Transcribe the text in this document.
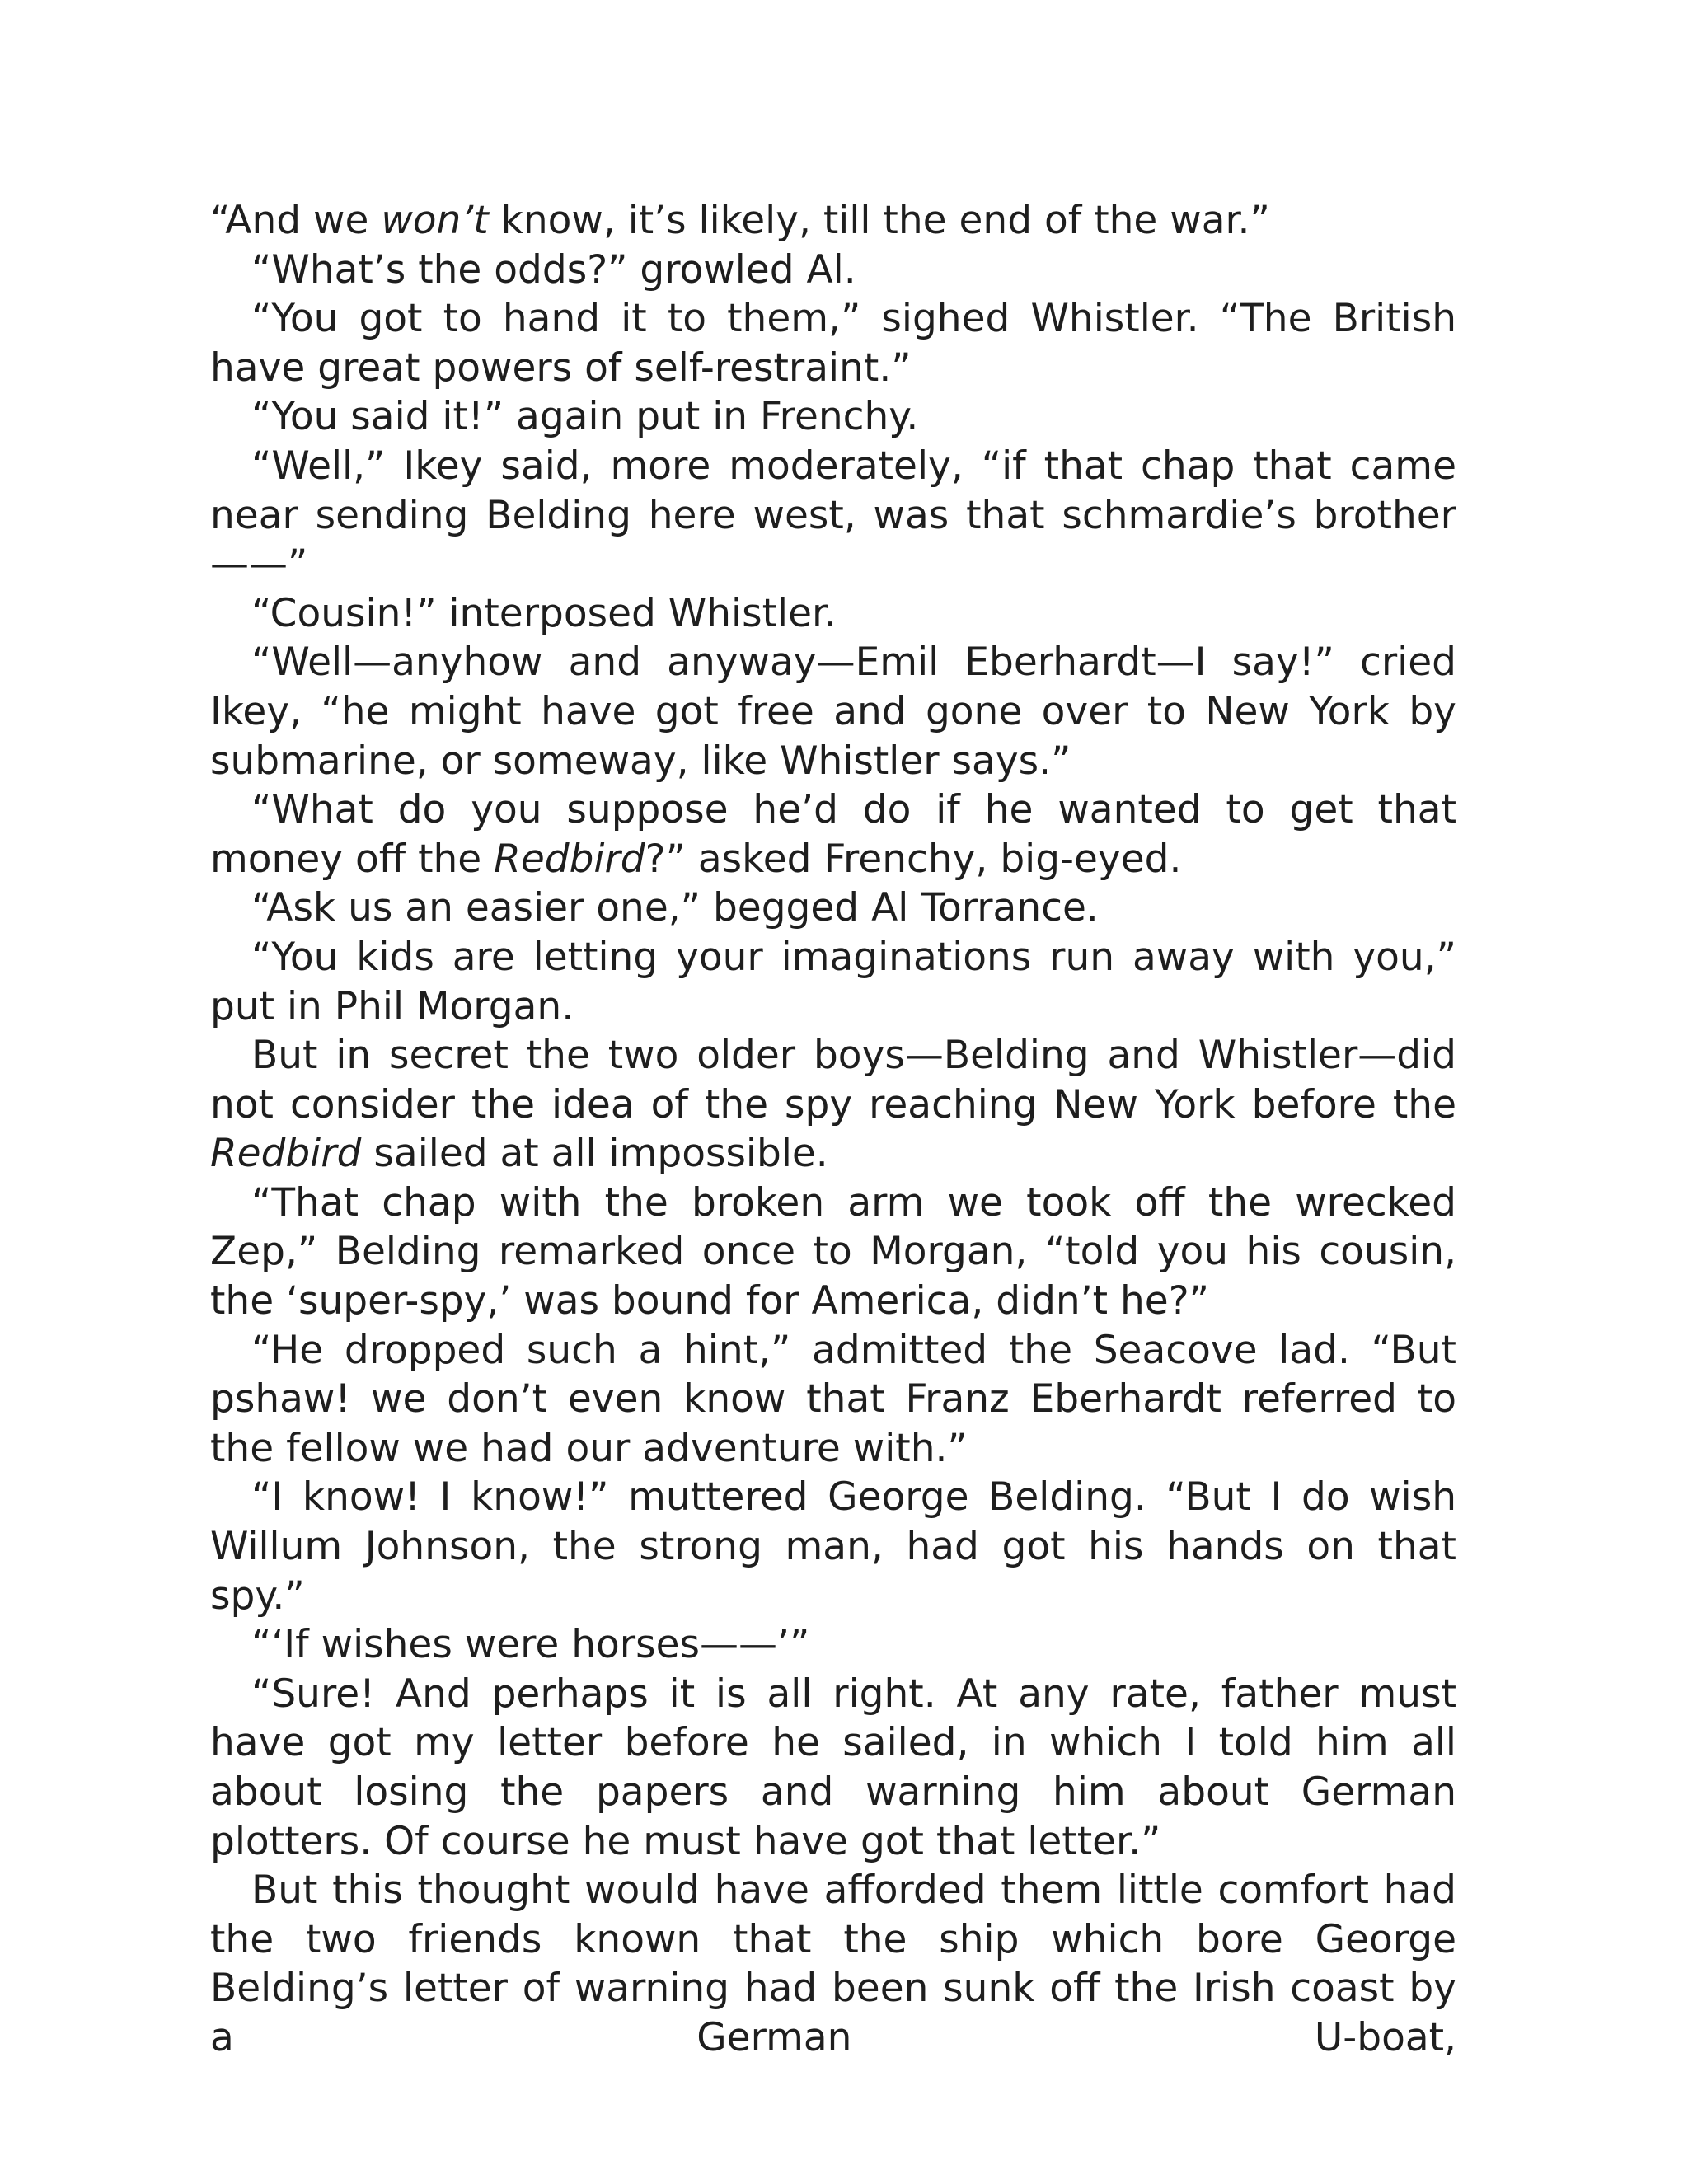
“And we won’t know, it’s likely, till the end of the war.”

“What’s the odds?” growled Al.

“You got to hand it to them,” sighed Whistler. “The British have great powers of self-restraint.”

“You said it!” again put in Frenchy.

“Well,” Ikey said, more moderately, “if that chap that came near sending Belding here west, was that schmardie’s brother——”

“Cousin!” interposed Whistler.

“Well—anyhow and anyway—Emil Eberhardt—I say!” cried Ikey, “he might have got free and gone over to New York by submarine, or someway, like Whistler says.”

“What do you suppose he’d do if he wanted to get that money off the Redbird?” asked Frenchy, big-eyed.

“Ask us an easier one,” begged Al Torrance.

“You kids are letting your imaginations run away with you,” put in Phil Morgan.

But in secret the two older boys—Belding and Whistler—did not consider the idea of the spy reaching New York before the Redbird sailed at all impossible.

“That chap with the broken arm we took off the wrecked Zep,” Belding remarked once to Morgan, “told you his cousin, the ‘super-spy,’ was bound for America, didn’t he?”

“He dropped such a hint,” admitted the Seacove lad. “But pshaw! we don’t even know that Franz Eberhardt referred to the fellow we had our adventure with.”

“I know! I know!” muttered George Belding. “But I do wish Willum Johnson, the strong man, had got his hands on that spy.”

“‘If wishes were horses——’”

“Sure! And perhaps it is all right. At any rate, father must have got my letter before he sailed, in which I told him all about losing the papers and warning him about German plotters. Of course he must have got that letter.”

But this thought would have afforded them little comfort had the two friends known that the ship which bore George Belding’s letter of warning had been sunk off the Irish coast by a German U-boat,
